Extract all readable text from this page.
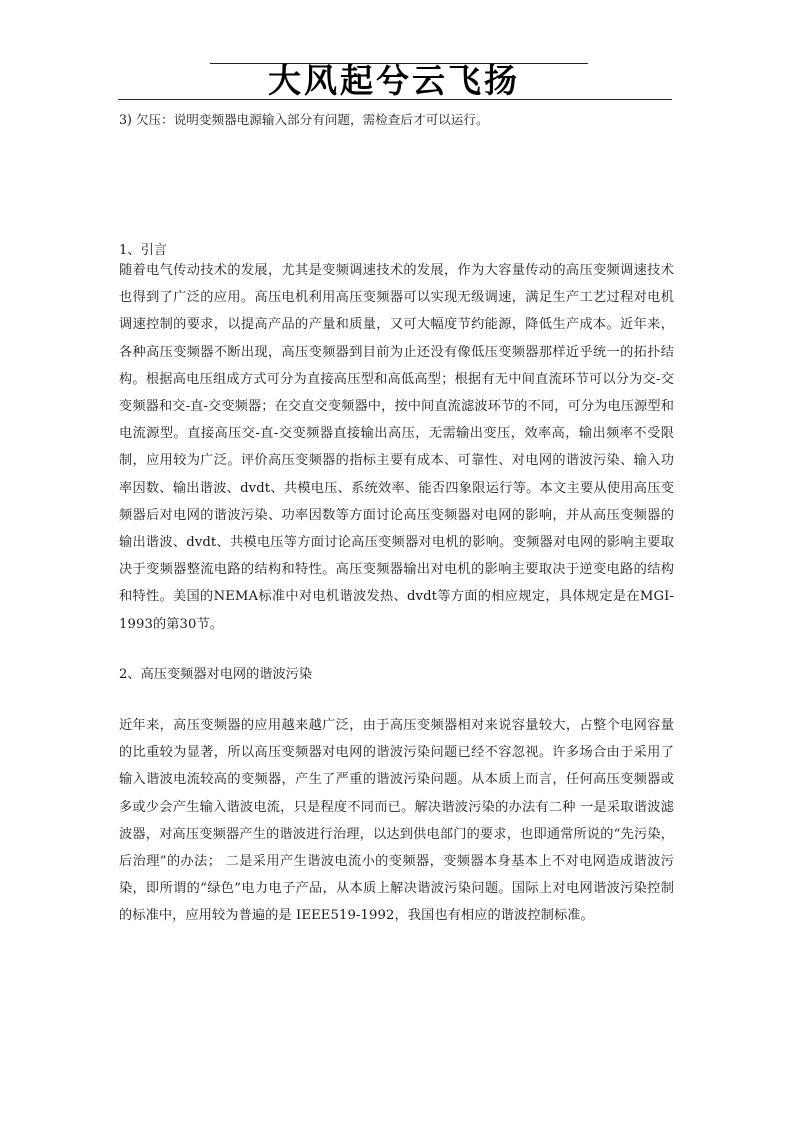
大风起兮云飞扬
3) 欠压：说明变频器电源输入部分有问题，需检查后才可以运行。
1、引言
随着电气传动技术的发展，尤其是变频调速技术的发展，作为大容量传动的高压变频调速技术也得到了广泛的应用。高压电机利用高压变频器可以实现无级调速，满足生产工艺过程对电机调速控制的要求，以提高产品的产量和质量，又可大幅度节约能源，降低生产成本。近年来，各种高压变频器不断出现，高压变频器到目前为止还没有像低压变频器那样近乎统一的拓扑结构。根据高电压组成方式可分为直接高压型和高低高型；根据有无中间直流环节可以分为交-交变频器和交-直-交变频器；在交直交变频器中，按中间直流滤波环节的不同，可分为电压源型和电流源型。直接高压交-直-交变频器直接输出高压，无需输出变压，效率高，输出频率不受限制，应用较为广泛。评价高压变频器的指标主要有成本、可靠性、对电网的谐波污染、输入功率因数、输出谐波、dvdt、共模电压、系统效率、能否四象限运行等。本文主要从使用高压变频器后对电网的谐波污染、功率因数等方面讨论高压变频器对电网的影响，并从高压变频器的输出谐波、dvdt、共模电压等方面讨论高压变频器对电机的影响。变频器对电网的影响主要取决于变频器整流电路的结构和特性。高压变频器输出对电机的影响主要取决于逆变电路的结构和特性。美国的NEMA标准中对电机谐波发热、dvdt等方面的相应规定，具体规定是在MGI-1993的第30节。
2、高压变频器对电网的谐波污染
近年来，高压变频器的应用越来越广泛，由于高压变频器相对来说容量较大，占整个电网容量的比重较为显著，所以高压变频器对电网的谐波污染问题已经不容忽视。许多场合由于采用了输入谐波电流较高的变频器，产生了严重的谐波污染问题。从本质上而言，任何高压变频器或多或少会产生输入谐波电流，只是程度不同而已。解决谐波污染的办法有二种 一是采取谐波滤波器，对高压变频器产生的谐波进行治理，以达到供电部门的要求，也即通常所说的“先污染，后治理”的办法； 二是采用产生谐波电流小的变频器，变频器本身基本上不对电网造成谐波污染，即所谓的“绿色”电力电子产品，从本质上解决谐波污染问题。国际上对电网谐波污染控制的标准中，应用较为普遍的是 IEEE519-1992，我国也有相应的谐波控制标准。
